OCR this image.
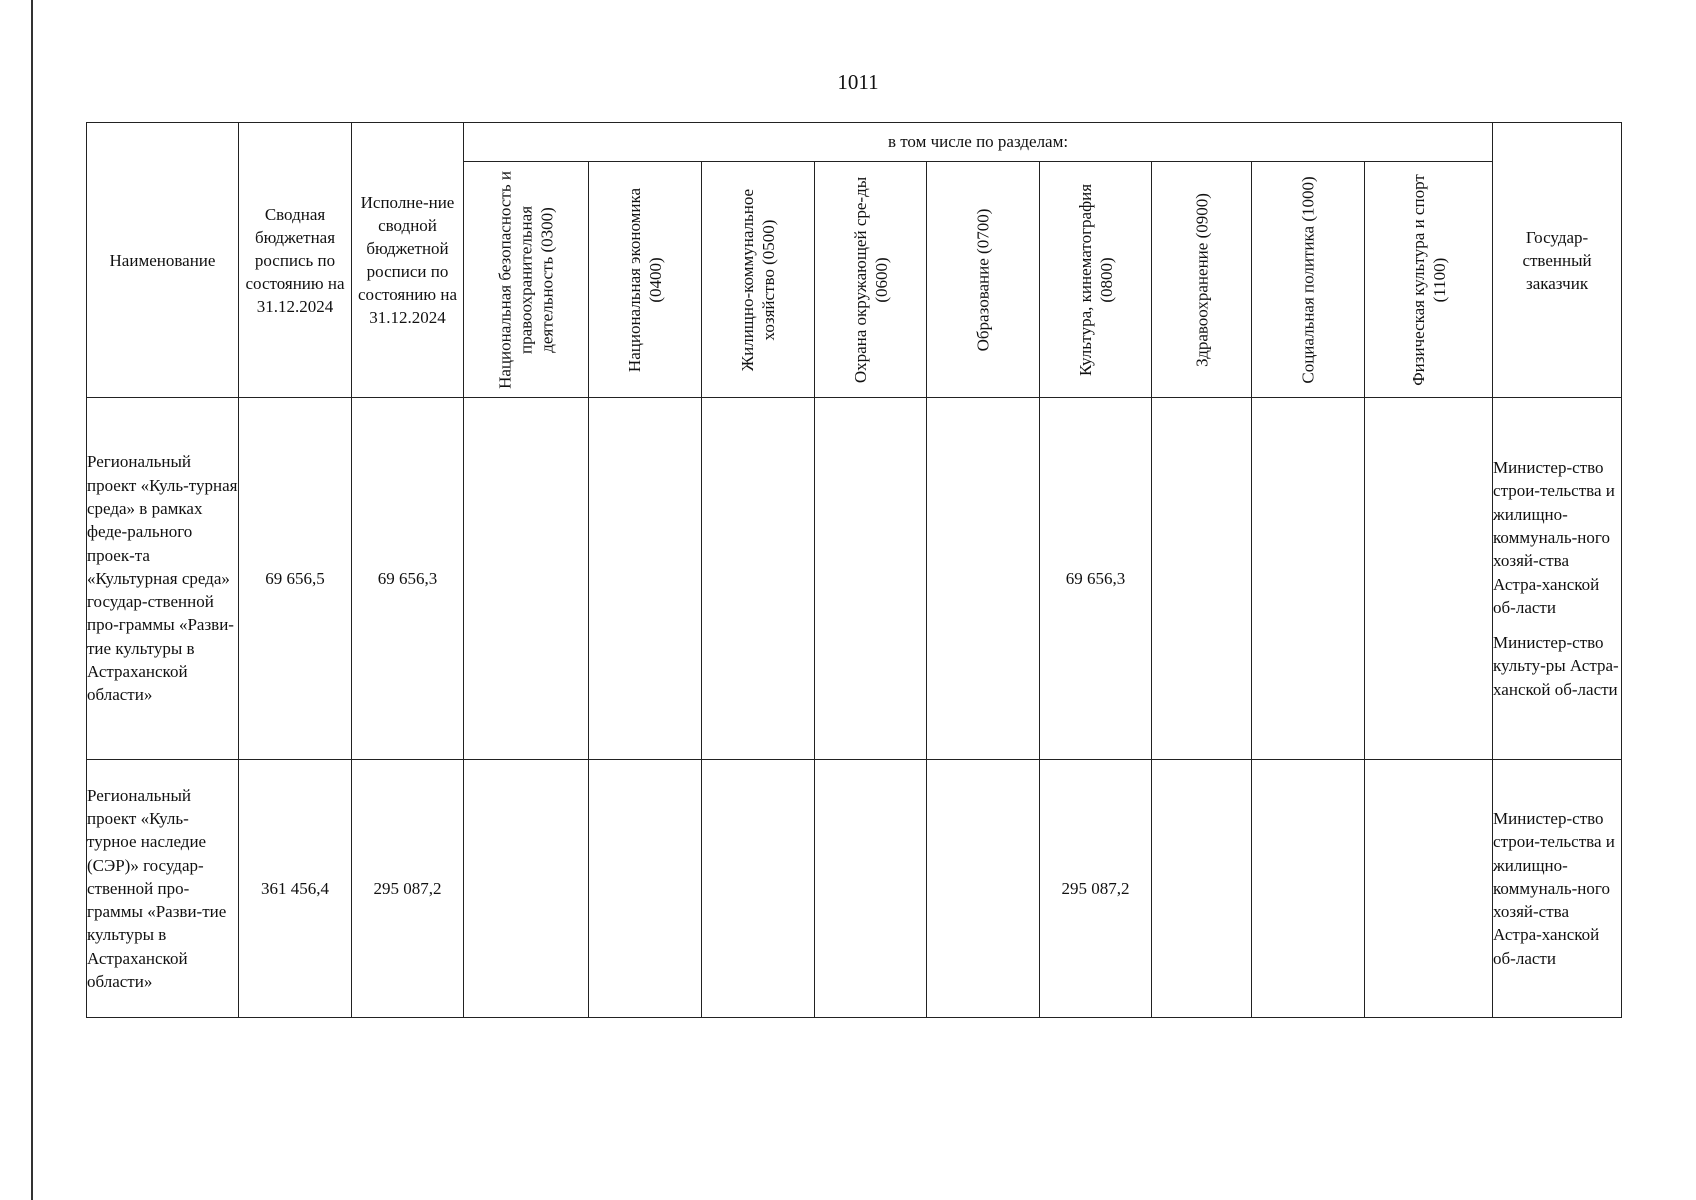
1011
Наименование	Сводная бюджетная роспись по состоянию на 31.12.2024	Исполне-ние сводной бюджетной росписи по состоянию на 31.12.2024	в том числе по разделам:									Государ-ственный заказчик

			Национальная безопасность и правоохранительная деятельность (0300)	Национальная экономика (0400)	Жилищно-коммунальное хозяйство (0500)	Охрана окружающей сре-ды (0600)	Образование (0700)	Культура, кинематография (0800)	Здравоохранение (0900)	Социальная политика (1000)	Физическая культура и спорт (1100)	

Региональный проект «Куль-турная среда» в рамках феде-рального проек-та «Культурная среда» государ-ственной про-граммы «Разви-тие культуры в Астраханской области»	69 656,5	69 656,3						69 656,3				Министер-ство строи-тельства и жилищно-коммуналь-ного хозяй-ства Астра-ханской об-ласти
Министер-ство культу-ры Астра-ханской об-ласти

Региональный проект «Куль-турное наследие (СЭР)» государ-ственной про-граммы «Разви-тие культуры в Астраханской области»	361 456,4	295 087,2						295 087,2				Министер-ство строи-тельства и жилищно-коммуналь-ного хозяй-ства Астра-ханской об-ласти
